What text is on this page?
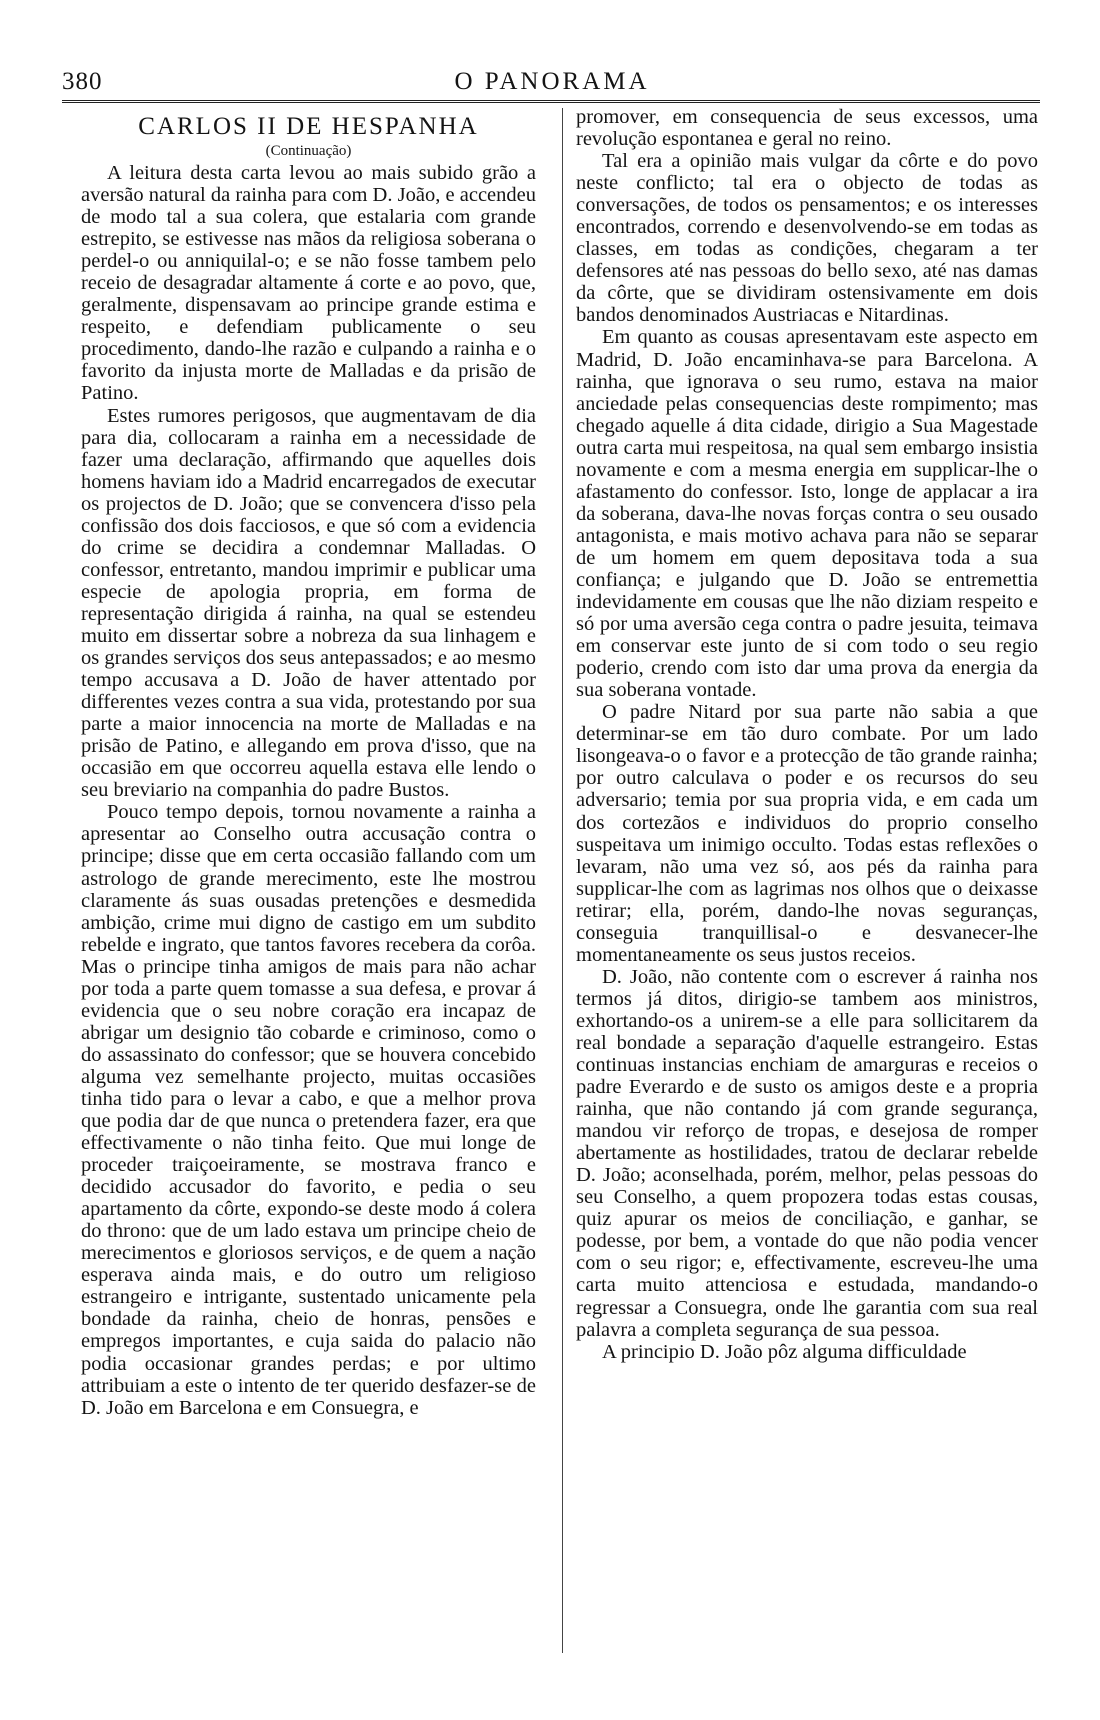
380	O PANORAMA
CARLOS II DE HESPANHA
(Continuação)

A leitura desta carta levou ao mais subido grão a aversão natural da rainha para com D. João, e accendeu de modo tal a sua colera, que estalaria com grande estrepito, se estivesse nas mãos da religiosa soberana o perdel-o ou anniquilal-o; e se não fosse tambem pelo receio de desagradar altamente á corte e ao povo, que, geralmente, dispensavam ao principe grande estima e respeito, e defendiam publicamente o seu procedimento, dando-lhe razão e culpando a rainha e o favorito da injusta morte de Malladas e da prisão de Patino.

Estes rumores perigosos, que augmentavam de dia para dia, collocaram a rainha em a necessidade de fazer uma declaração, affirmando que aquelles dois homens haviam ido a Madrid encarregados de executar os projectos de D. João; que se convencera d'isso pela confissão dos dois facciosos, e que só com a evidencia do crime se decidira a condemnar Malladas. O confessor, entretanto, mandou imprimir e publicar uma especie de apologia propria, em forma de representação dirigida á rainha, na qual se estendeu muito em dissertar sobre a nobreza da sua linhagem e os grandes serviços dos seus antepassados; e ao mesmo tempo accusava a D. João de haver attentado por differentes vezes contra a sua vida, protestando por sua parte a maior innocencia na morte de Malladas e na prisão de Patino, e allegando em prova d'isso, que na occasião em que occorreu aquella estava elle lendo o seu breviario na companhia do padre Bustos.

Pouco tempo depois, tornou novamente a rainha a apresentar ao Conselho outra accusação contra o principe; disse que em certa occasião fallando com um astrologo de grande merecimento, este lhe mostrou claramente ás suas ousadas pretenções e desmedida ambição, crime mui digno de castigo em um subdito rebelde e ingrato, que tantos favores recebera da corôa. Mas o principe tinha amigos de mais para não achar por toda a parte quem tomasse a sua defesa, e provar á evidencia que o seu nobre coração era incapaz de abrigar um designio tão cobarde e criminoso, como o do assassinato do confessor; que se houvera concebido alguma vez semelhante projecto, muitas occasiões tinha tido para o levar a cabo, e que a melhor prova que podia dar de que nunca o pretendera fazer, era que effectivamente o não tinha feito. Que mui longe de proceder traiçoeiramente, se mostrava franco e decidido accusador do favorito, e pedia o seu apartamento da côrte, expondo-se deste modo á colera do throno: que de um lado estava um principe cheio de merecimentos e gloriosos serviços, e de quem a nação esperava ainda mais, e do outro um religioso estrangeiro e intrigante, sustentado unicamente pela bondade da rainha, cheio de honras, pensões e empregos importantes, e cuja saida do palacio não podia occasionar grandes perdas; e por ultimo attribuiam a este o intento de ter querido desfazer-se de D. João em Barcelona e em Consuegra, e

promover, em consequencia de seus excessos, uma revolução espontanea e geral no reino.

Tal era a opinião mais vulgar da côrte e do povo neste conflicto; tal era o objecto de todas as conversações, de todos os pensamentos; e os interesses encontrados, correndo e desenvolvendo-se em todas as classes, em todas as condições, chegaram a ter defensores até nas pessoas do bello sexo, até nas damas da côrte, que se dividiram ostensivamente em dois bandos denominados Austriacas e Nitardinas.

Em quanto as cousas apresentavam este aspecto em Madrid, D. João encaminhava-se para Barcelona. A rainha, que ignorava o seu rumo, estava na maior anciedade pelas consequencias deste rompimento; mas chegado aquelle á dita cidade, dirigio a Sua Magestade outra carta mui respeitosa, na qual sem embargo insistia novamente e com a mesma energia em supplicar-lhe o afastamento do confessor. Isto, longe de applacar a ira da soberana, dava-lhe novas forças contra o seu ousado antagonista, e mais motivo achava para não se separar de um homem em quem depositava toda a sua confiança; e julgando que D. João se entremettia indevidamente em cousas que lhe não diziam respeito e só por uma aversão cega contra o padre jesuita, teimava em conservar este junto de si com todo o seu regio poderio, crendo com isto dar uma prova da energia da sua soberana vontade.

O padre Nitard por sua parte não sabia a que determinar-se em tão duro combate. Por um lado lisongeava-o o favor e a protecção de tão grande rainha; por outro calculava o poder e os recursos do seu adversario; temia por sua propria vida, e em cada um dos cortezãos e individuos do proprio conselho suspeitava um inimigo occulto. Todas estas reflexões o levaram, não uma vez só, aos pés da rainha para supplicar-lhe com as lagrimas nos olhos que o deixasse retirar; ella, porém, dando-lhe novas seguranças, conseguia tranquillisal-o e desvanecer-lhe momentaneamente os seus justos receios.

D. João, não contente com o escrever á rainha nos termos já ditos, dirigio-se tambem aos ministros, exhortando-os a unirem-se a elle para sollicitarem da real bondade a separação d'aquelle estrangeiro. Estas continuas instancias enchiam de amarguras e receios o padre Everardo e de susto os amigos deste e a propria rainha, que não contando já com grande segurança, mandou vir reforço de tropas, e desejosa de romper abertamente as hostilidades, tratou de declarar rebelde D. João; aconselhada, porém, melhor, pelas pessoas do seu Conselho, a quem propozera todas estas cousas, quiz apurar os meios de conciliação, e ganhar, se podesse, por bem, a vontade do que não podia vencer com o seu rigor; e, effectivamente, escreveu-lhe uma carta muito attenciosa e estudada, mandando-o regressar a Consuegra, onde lhe garantia com sua real palavra a completa segurança de sua pessoa.

A principio D. João pôz alguma difficuldade
